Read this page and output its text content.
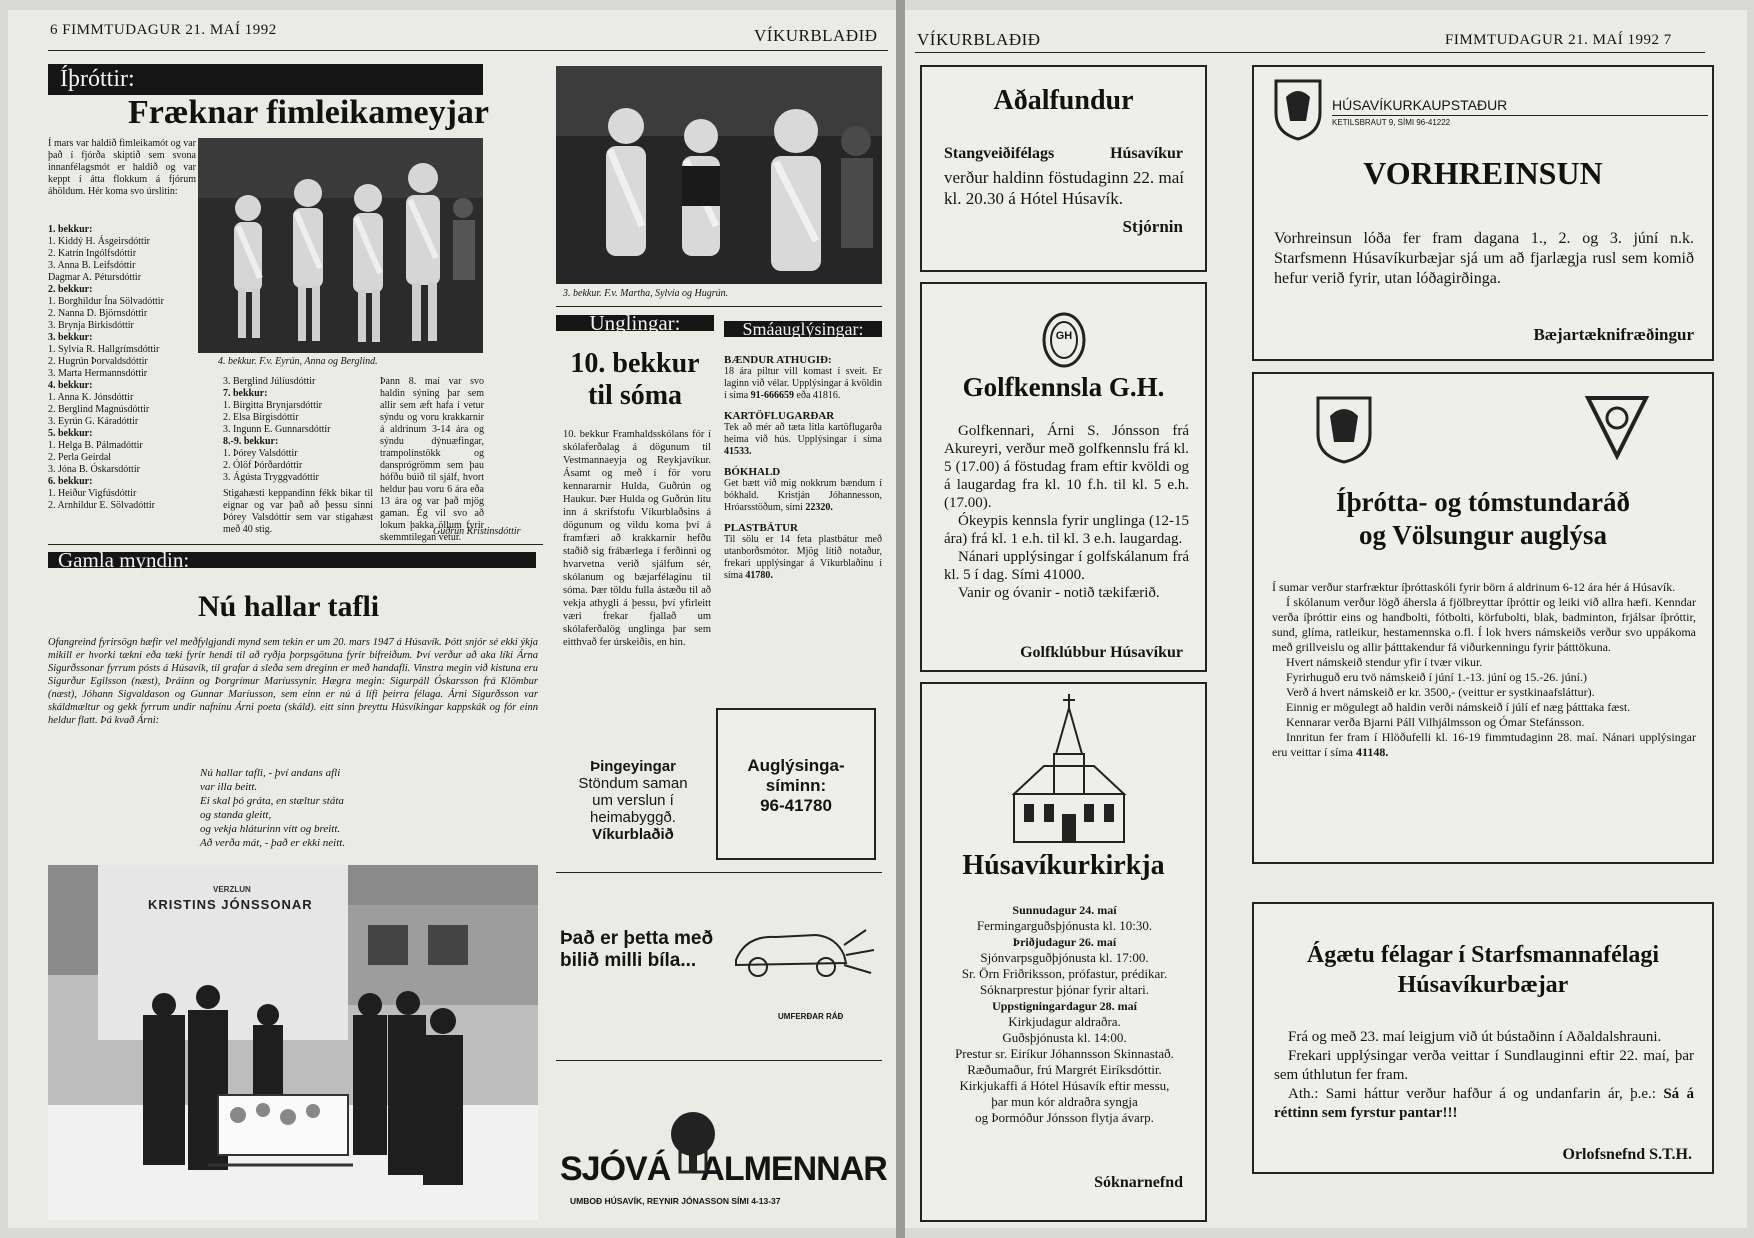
6 FIMMTUDAGUR 21. MAÍ 1992	VÍKURBLAÐIÐ
Íþróttir:
Fræknar fimleikameyjar
Í mars var haldið fimleikamót og var það í fjórða skiptið sem svona innanfélagsmót er haldið og var keppt í átta flokkum á fjórum áhöldum. Hér koma svo úrslitin:
1. bekkur:
1. Kiddý H. Ásgeirsdóttir
2. Katrín Ingólfsdóttir
3. Anna B. Leifsdóttir
Dagmar A. Pétursdóttir
2. bekkur:
1. Borghildur Ína Sölvadóttir
2. Nanna D. Björnsdóttir
3. Brynja Birkisdóttir
3. bekkur:
1. Sylvía R. Hallgrímsdóttir
2. Hugrún Þorvaldsdóttir
3. Marta Hermannsdóttir
4. bekkur:
1. Anna K. Jónsdóttir
2. Berglind Magnúsdóttir
3. Eyrún G. Káradóttir
5. bekkur:
1. Helga B. Pálmadóttir
2. Perla Geirdal
3. Jóna B. Óskarsdóttir
6. bekkur:
1. Heiður Vigfúsdóttir
2. Arnhildur E. Sölvadóttir
4. bekkur. F.v. Eyrún, Anna og Berglind.
3. bekkur. F.v. Martha, Sylvía og Hugrún.
3. Berglind Júlíusdóttir
7. bekkur:
1. Birgitta Brynjarsdóttir
2. Elsa Birgisdóttir
3. Ingunn E. Gunnarsdóttir
8.-9. bekkur:
1. Þórey Valsdóttir
2. Ólöf Þórðardóttir
3. Ágústa Tryggvadóttir
Stigahæsti keppandinn fékk bikar til eignar og var það að þessu sinni Þórey Valsdóttir sem var stigahæst með 40 stig.
Þann 8. maí var svo haldin sýning þar sem allir sem æft hafa í vetur sýndu og voru krakkarnir á aldrinum 3-14 ára og sýndu dýnuæfingar, trampolínstökk og dansprógrömm sem þau hófðu búið til sjálf, hvort heldur þau voru 6 ára eða 13 ára og var það mjög gaman. Ég vil svo að lokum þakka öllum fyrir skemmtilegan vetur.
Guðrún Kristinsdóttir
Gamla myndin:
Nú hallar tafli
Ofangreind fyrirsögn hæfir vel meðfylgjandi mynd sem tekin er um 20. mars 1947 á Húsavík. Þótt snjór sé ekki ýkja mikill er hvorki tækni eða tæki fyrir hendi til að ryðja þorpsgötuna fyrir bifreiðum. Því verður að aka líki Árna Sigurðssonar fyrrum pósts á Húsavík, til grafar á sleða sem dreginn er með handafli. Vinstra megin við kistuna eru Sigurður Egilsson (næst), Þráinn og Þorgrímur Maríussynir. Hægra megin: Sigurpáll Óskarsson frá Klömbur (næst), Jóhann Sigvaldason og Gunnar Maríusson, sem einn er nú á lífi þeirra félaga. Árni Sigurðsson var skáldmæltur og gekk fyrrum undir nafninu Árni poeta (skáld). eitt sinn þreyttu Húsvíkingar kappskák og fór einn heldur flatt. Þá kvað Árni:
Nú hallar tafli, - því andans afli
var illa beitt.
Ei skal þó gráta, en stæltur státa
og standa gleitt,
og vekja hláturinn vítt og breitt.
Að verða mát, - það er ekki neitt.
VERZLUN
KRISTINS JÓNSSONAR
Unglingar:
10. bekkur
til sóma
10. bekkur Framhaldsskólans fór í skólaferðalag á dögunum til Vestmannaeyja og Reykjavíkur. Ásamt og með í för voru kennararnir Hulda, Guðrún og Haukur. Þær Hulda og Guðrún litu inn á skrifstofu Víkurblaðsins á dögunum og vildu koma því á framfæri að krakkarnir hefðu staðið sig frábærlega í ferðinni og hvarvetna verið sjálfum sér, skólanum og bæjarfélaginu til sóma. Þær töldu fulla ástæðu til að vekja athygli á þessu, því yfirleitt væri frekar fjallað um skólaferðalög unglinga þar sem eitthvað fer úrskeiðis, en hin.
Smáauglýsingar:
BÆNDUR ATHUGIÐ:
18 ára piltur vill komast í sveit. Er laginn við vélar. Upplýsingar á kvöldin í síma 91-666659 eða 41816.
KARTÖFLUGARÐAR
Tek að mér að tæta litla kartöflugarða heima við hús. Upplýsingar í síma 41533.
BÓKHALD
Get bætt við mig nokkrum bændum í bókhald. Kristján Jóhannesson, Hróarsstöðum, sími 22320.
PLASTBÁTUR
Til sölu er 14 feta plastbátur með utanborðsmótor. Mjög lítið notaður, frekari upplýsingar á Víkurblaðinu í síma 41780.
Auglýsinga-
síminn:
96-41780
Þingeyingar
Stöndum saman
um verslun í
heimabyggð.
Víkurblaðið
Það er þetta með
bilið milli bíla...
UMFERÐAR RÁÐ
SJÓVÁ ALMENNAR
UMBOÐ HÚSAVÍK, REYNIR JÓNASSON SÍMI 4-13-37
VÍKURBLAÐIÐ	FIMMTUDAGUR 21. MAÍ 1992 7
Aðalfundur
Stangveiðifélags	Húsavíkur
verður haldinn föstudaginn 22. maí kl. 20.30 á Hótel Húsavík.
Stjórnin
GH
Golfkennsla G.H.

Golfkennari, Árni S. Jónsson frá Akureyri, verður með golfkennslu frá kl. 5 (17.00) á föstudag fram eftir kvöldi og á laugardag fra kl. 10 f.h. til kl. 5 e.h. (17.00).

Ókeypis kennsla fyrir unglinga (12-15 ára) frá kl. 1 e.h. til kl. 3 e.h. laugardag.

Nánari upplýsingar í golfskálanum frá kl. 5 í dag. Sími 41000.

Vanir og óvanir - notið tækifærið.

Golfklúbbur Húsavíkur
Húsavíkurkirkja
Sunnudagur 24. maí
Fermingarguðsþjónusta kl. 10:30.
Þriðjudagur 26. maí
Sjónvarpsguðþjónusta kl. 17:00.
Sr. Örn Friðriksson, prófastur, prédikar.
Sóknarprestur þjónar fyrir altari.
Uppstigningardagur 28. maí
Kirkjudagur aldraðra.
Guðsþjónusta kl. 14:00.
Prestur sr. Eiríkur Jóhannsson Skinnastað.
Ræðumaður, frú Margrét Eiríksdóttir.
Kirkjukaffi á Hótel Húsavík eftir messu,
þar mun kór aldraðra syngja
og Þormóður Jónsson flytja ávarp.
Sóknarnefnd
HÚSAVÍKURKAUPSTAÐUR
KETILSBRAUT 9, SÍMI 96-41222
VORHREINSUN
Vorhreinsun lóða fer fram dagana 1., 2. og 3. júní n.k. Starfsmenn Húsavíkurbæjar sjá um að fjarlægja rusl sem komið hefur verið fyrir, utan lóðagirðinga.
Bæjartæknifræðingur
Íþrótta- og tómstundaráð
og Völsungur auglýsa

Í sumar verður starfræktur íþróttaskóli fyrir börn á aldrinum 6-12 ára hér á Húsavík.

Í skólanum verður lögð áhersla á fjölbreyttar íþróttir og leiki við allra hæfi. Kenndar verða íþróttir eins og handbolti, fótbolti, körfubolti, blak, badminton, frjálsar íþróttir, sund, glíma, ratleikur, hestamennska o.fl. Í lok hvers námskeiðs verður svo uppákoma með grillveislu og allir þátttakendur fá viðurkenningu fyrir þátttökuna.

Hvert námskeið stendur yfir í tvær vikur.

Fyrirhuguð eru tvö námskeið í júní 1.-13. júní og 15.-26. júní.)

Verð á hvert námskeið er kr. 3500,- (veittur er systkinaafsláttur).

Einnig er mögulegt að haldin verði námskeið í júlí ef næg þátttaka fæst.

Kennarar verða Bjarni Páll Vilhjálmsson og Ómar Stefánsson.

Innritun fer fram í Hlöðufelli kl. 16-19 fimmtudaginn 28. maí. Nánari upplýsingar eru veittar í síma 41148.

Ágætu félagar í Starfsmannafélagi
Húsavíkurbæjar

Frá og með 23. maí leigjum við út bústaðinn í Aðaldalshrauni.

Frekari upplýsingar verða veittar í Sundlauginni eftir 22. maí, þar sem úthlutun fer fram.

Ath.: Sami háttur verður hafður á og undanfarin ár, þ.e.: Sá á réttinn sem fyrstur pantar!!!

Orlofsnefnd S.T.H.
